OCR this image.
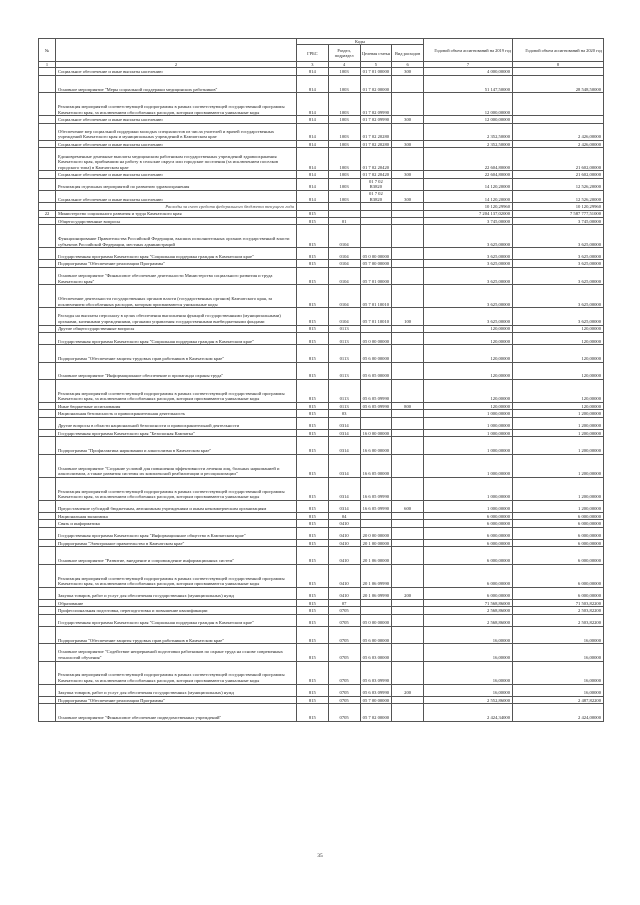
№		Коды				Годовой объем ассигнований на 2019 год	Годовой объем ассигнований на 2020 год
		ГРБС	Раздел, подраздел	Целевая статья	Вид расходов		
1	2	3	4	5	6	7	8
	Социальное обеспечение и иные выплаты населению	814	1003	01 7 01 00000	300	4 000,00000	
	Основное мероприятие "Меры социальной поддержки медицинских работников"	814	1003	01 7 02 00000		51 147,50000	28 548,50000
	Реализация мероприятий соответствующей подпрограммы в рамках соответствующей государственной программы Камчатского края, за исключением обособленных расходов, которым присваиваются уникальные коды	814	1003	01 7 02 09990		12 000,00000	
	Социальное обеспечение и иные выплаты населению	814	1003	01 7 02 09990	300	12 000,00000	
	Обеспечение мер социальной поддержки молодых специалистов из числа учителей и врачей государственных учреждений Камчатского края и муниципальных учреждений в Камчатском крае	814	1003	01 7 02 20280		2 352,50000	2 426,00000
	Социальное обеспечение и иные выплаты населению	814	1003	01 7 02 20280	300	2 352,50000	2 426,00000
	Единовременные денежные выплаты медицинским работникам государственных учреждений здравоохранения Камчатского края, прибывшим на работу в сельские округа или городские поселения (за исключением поселков городского типа) в Камчатском крае	814	1003	01 7 02 20420		22 604,80000	21 602,00000
	Социальное обеспечение и иные выплаты населению	814	1003	01 7 02 20420	300	22 604,80000	21 602,00000
	Реализация отдельных мероприятий по развитию здравоохранения	814	1003	01 7 02 R3820		14 120,20000	12 526,20000
	Социальное обеспечение и иные выплаты населению	814	1003	01 7 02 R3820	300	14 120,20000	12 526,20000
	Расходы за счет средств федерального бюджета текущего года					10 120,29960	10 120,29960
22	Министерство социального развития и труда Камчатского края	815				7 204 137,02000	7 587 777,51000
	Общегосударственные вопросы	815	01			3 745,00000	3 745,00000
	Функционирование Правительства Российской Федерации, высших исполнительных органов государственной власти субъектов Российской Федерации, местных администраций	815	0104			3 625,00000	3 625,00000
	Государственная программа Камчатского края "Социальная поддержка граждан в Камчатском крае"	815	0104	05 0 00 00000		3 625,00000	3 625,00000
	Подпрограмма "Обеспечение реализации Программы"	815	0104	05 7 00 00000		3 625,00000	3 625,00000
	Основное мероприятие "Финансовое обеспечение деятельности Министерства социального развития и труда Камчатского края"	815	0104	05 7 01 00000		3 625,00000	3 625,00000
	Обеспечение деятельности государственных органов власти (государственных органов) Камчатского края, за исключением обособленных расходов, которым присваиваются уникальные коды	815	0104	05 7 01 10010		3 625,00000	3 625,00000
	Расходы на выплаты персоналу в целях обеспечения выполнения функций государственными (муниципальными) органами, казенными учреждениями, органами управления государственными внебюджетными фондами	815	0104	05 7 01 10010	100	3 625,00000	3 625,00000
	Другие общегосударственные вопросы	815	0113			120,00000	120,00000
	Государственная программа Камчатского края "Социальная поддержка граждан в Камчатском крае"	815	0113	05 0 00 00000		120,00000	120,00000
	Подпрограмма "Обеспечение защиты трудовых прав работников в Камчатском крае"	815	0113	05 6 00 00000		120,00000	120,00000
	Основное мероприятие "Информационное обеспечение и пропаганда охраны труда"	815	0113	05 6 05 00000		120,00000	120,00000
	Реализация мероприятий соответствующей подпрограммы в рамках соответствующей государственной программы Камчатского края, за исключением обособленных расходов, которым присваиваются уникальные коды	815	0113	05 6 05 09990		120,00000	120,00000
	Иные бюджетные ассигнования	815	0113	05 6 05 09990	800	120,00000	120,00000
	Национальная безопасность и правоохранительная деятельность	815	03			1 000,00000	1 200,00000
	Другие вопросы в области национальной безопасности и правоохранительной деятельности	815	0314			1 000,00000	1 200,00000
	Государственная программа Камчатского края "Безопасная Камчатка"	815	0314	16 0 00 00000		1 000,00000	1 200,00000
	Подпрограмма "Профилактика наркомании и алкоголизма в Камчатском крае"	815	0314	16 6 00 00000		1 000,00000	1 200,00000
	Основное мероприятие "Создание условий для повышения эффективности лечения лиц, больных наркоманией и алкоголизмом, а также развития системы их комплексной реабилитации и ресоциализации"	815	0314	16 6 05 00000		1 000,00000	1 200,00000
	Реализация мероприятий соответствующей подпрограммы в рамках соответствующей государственной программы Камчатского края, за исключением обособленных расходов, которым присваиваются уникальные коды	815	0314	16 6 05 09990		1 000,00000	1 200,00000
	Предоставление субсидий бюджетным, автономным учреждениям и иным некоммерческим организациям	815	0314	16 6 05 09990	600	1 000,00000	1 200,00000
	Национальная экономика	815	04			6 000,00000	6 000,00000
	Связь и информатика	815	0410			6 000,00000	6 000,00000
	Государственная программа Камчатского края "Информационное общество в Камчатском крае"	815	0410	20 0 00 00000		6 000,00000	6 000,00000
	Подпрограмма "Электронное правительство в Камчатском крае"	815	0410	20 1 00 00000		6 000,00000	6 000,00000
	Основное мероприятие "Развитие, внедрение и сопровождение информационных систем"	815	0410	20 1 06 00000		6 000,00000	6 000,00000
	Реализация мероприятий соответствующей подпрограммы в рамках соответствующей государственной программы Камчатского края, за исключением обособленных расходов, которым присваиваются уникальные коды	815	0410	20 1 06 09990		6 000,00000	6 000,00000
	Закупка товаров, работ и услуг для обеспечения государственных (муниципальных) нужд	815	0410	20 1 06 09990	200	6 000,00000	6 000,00000
	Образование	815	07			71 568,86000	71 503,82200
	Профессиональная подготовка, переподготовка и повышение квалификации	815	0705			2 568,86000	2 503,82200
	Государственная программа Камчатского края "Социальная поддержка граждан в Камчатском крае"	815	0705	05 0 00 00000		2 568,86000	2 503,82200
	Подпрограмма "Обеспечение защиты трудовых прав работников в Камчатском крае"	815	0705	05 6 00 00000		16,00000	16,00000
	Основное мероприятие "Содействие непрерывной подготовки работников по охране труда на основе современных технологий обучения"	815	0705	05 6 03 00000		16,00000	16,00000
	Реализация мероприятий соответствующей подпрограммы в рамках соответствующей государственной программы Камчатского края, за исключением обособленных расходов, которым присваиваются уникальные коды	815	0705	05 6 03 09990		16,00000	16,00000
	Закупка товаров, работ и услуг для обеспечения государственных (муниципальных) нужд	815	0705	05 6 03 09990	200	16,00000	16,00000
	Подпрограмма "Обеспечение реализации Программы"	815	0705	05 7 00 00000		2 552,86000	2 487,82200
	Основное мероприятие "Финансовое обеспечение подведомственных учреждений"	815	0705	05 7 02 00000		2 424,34000	2 424,00000
35
